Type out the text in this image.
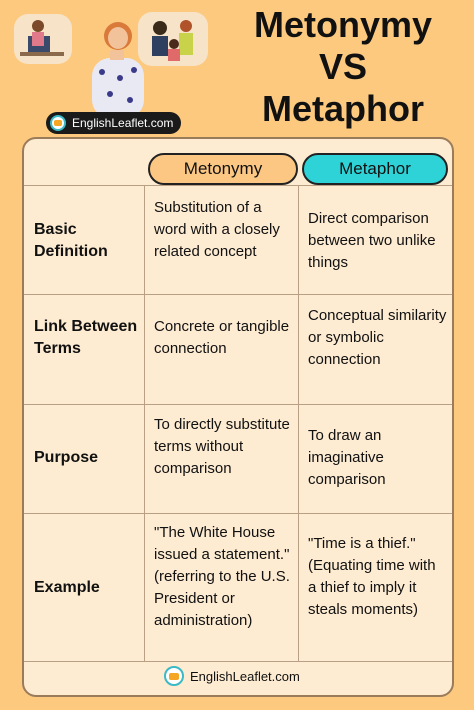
Metonymy
VS
Metaphor
EnglishLeaflet.com
Metonymy	Metaphor
Basic Definition
Substitution of a word with a closely related concept
Direct comparison between two unlike things
Link Between Terms
Concrete or tangible connection
Conceptual similarity or symbolic connection
Purpose
To directly substitute terms without comparison
To draw an imaginative comparison
Example
"The White House issued a statement." (referring to the U.S. President or administration)
"Time is a thief." (Equating time with a thief to imply it steals moments)
EnglishLeaflet.com
